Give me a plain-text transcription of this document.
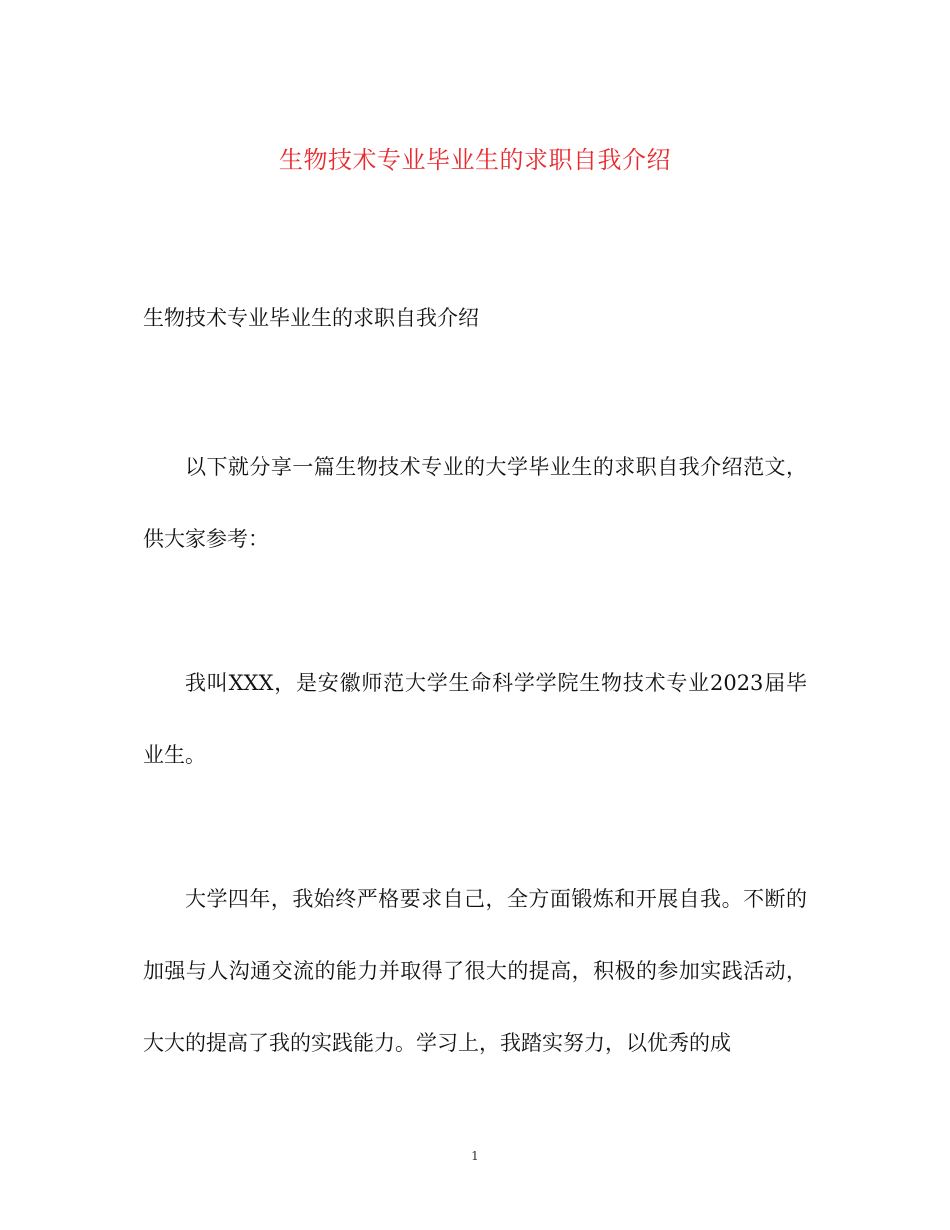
生物技术专业毕业生的求职自我介绍
生物技术专业毕业生的求职自我介绍
以下就分享一篇生物技术专业的大学毕业生的求职自我介绍范文，供大家参考：
我叫XXX，是安徽师范大学生命科学学院生物技术专业2023届毕业生。
大学四年，我始终严格要求自己，全方面锻炼和开展自我。不断的加强与人沟通交流的能力并取得了很大的提高，积极的参加实践活动，大大的提高了我的实践能力。学习上，我踏实努力，以优秀的成
1
